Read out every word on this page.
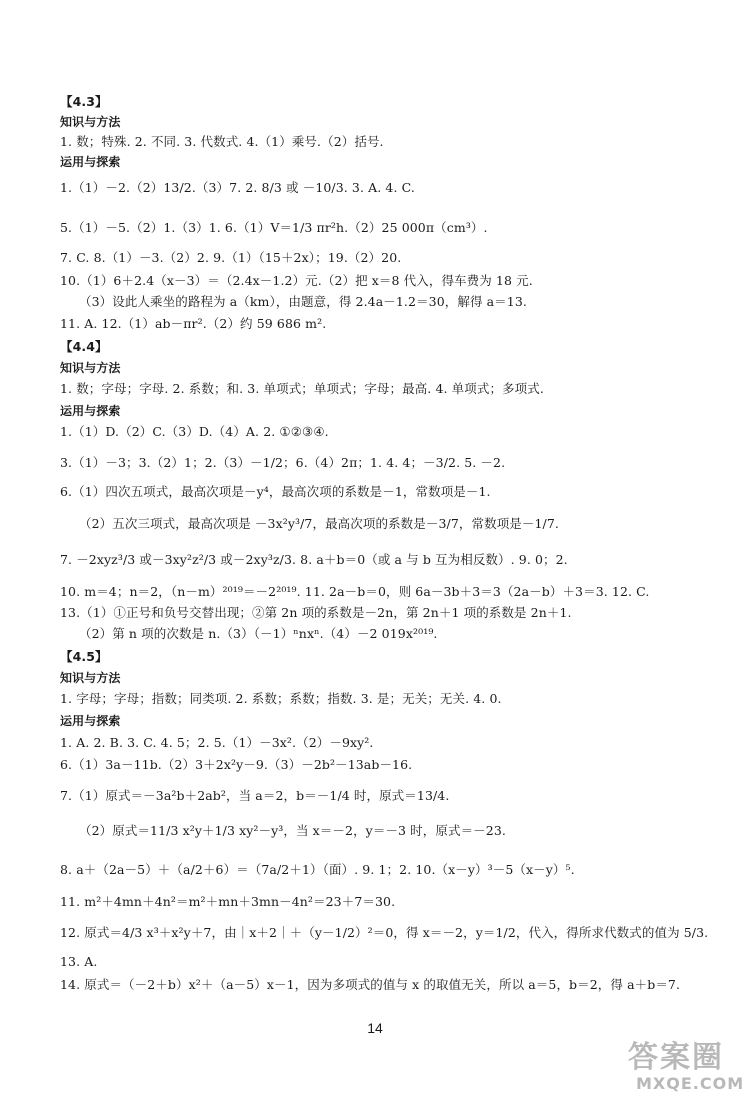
【4.3】
知识与方法
1. 数；特殊. 2. 不同. 3. 代数式. 4.（1）乘号.（2）括号.
运用与探索
1.（1）－2.（2）13/2.（3）7. 2. 8/3 或 －10/3. 3. A. 4. C.
5.（1）－5.（2）1.（3）1. 6.（1）V＝1/3 πr²h.（2）25 000π（cm³）.
7. C. 8.（1）－3.（2）2. 9.（1）（15＋2x）；19.（2）20.
10.（1）6＋2.4（x－3）＝（2.4x－1.2）元.（2）把 x＝8 代入，得车费为 18 元.
（3）设此人乘坐的路程为 a（km），由题意，得 2.4a－1.2＝30，解得 a＝13.
11. A. 12.（1）ab－πr².（2）约 59 686 m².
【4.4】
知识与方法
1. 数；字母；字母. 2. 系数；和. 3. 单项式；单项式；字母；最高. 4. 单项式；多项式.
运用与探索
1.（1）D.（2）C.（3）D.（4）A. 2. ①②③④.
3.（1）－3；3.（2）1；2.（3）－1/2；6.（4）2π；1. 4. 4；－3/2. 5. －2.
6.（1）四次五项式，最高次项是－y⁴，最高次项的系数是－1，常数项是－1.
（2）五次三项式，最高次项是 －3x²y³/7，最高次项的系数是－3/7，常数项是－1/7.
7. －2xyz³/3 或－3xy²z²/3 或－2xy³z/3. 8. a＋b＝0（或 a 与 b 互为相反数）. 9. 0；2.
10. m＝4；n＝2，（n－m）²⁰¹⁹＝－2²⁰¹⁹. 11. 2a－b＝0，则 6a－3b＋3＝3（2a－b）＋3＝3. 12. C.
13.（1）①正号和负号交替出现；②第 2n 项的系数是－2n，第 2n＋1 项的系数是 2n＋1.
（2）第 n 项的次数是 n.（3）（－1）ⁿnxⁿ.（4）－2 019x²⁰¹⁹.
【4.5】
知识与方法
1. 字母；字母；指数；同类项. 2. 系数；系数；指数. 3. 是；无关；无关. 4. 0.
运用与探索
1. A. 2. B. 3. C. 4. 5；2. 5.（1）－3x².（2）－9xy².
6.（1）3a－11b.（2）3＋2x²y－9.（3）－2b²－13ab－16.
7.（1）原式＝－3a²b＋2ab²，当 a＝2，b＝－1/4 时，原式＝13/4.
（2）原式＝11/3 x²y＋1/3 xy²－y³，当 x＝－2，y＝－3 时，原式＝－23.
8. a＋（2a－5）＋（a/2＋6）＝（7a/2＋1）（面）. 9. 1；2. 10.（x－y）³－5（x－y）⁵.
11. m²＋4mn＋4n²＝m²＋mn＋3mn－4n²＝23＋7＝30.
12. 原式＝4/3 x³＋x²y＋7，由｜x＋2｜＋（y－1/2）²＝0，得 x＝－2，y＝1/2，代入，得所求代数式的值为 5/3.
13. A.
14. 原式＝（－2＋b）x²＋（a－5）x－1，因为多项式的值与 x 的取值无关，所以 a＝5，b＝2，得 a＋b＝7.
14
答案圈
MXQE.COM
